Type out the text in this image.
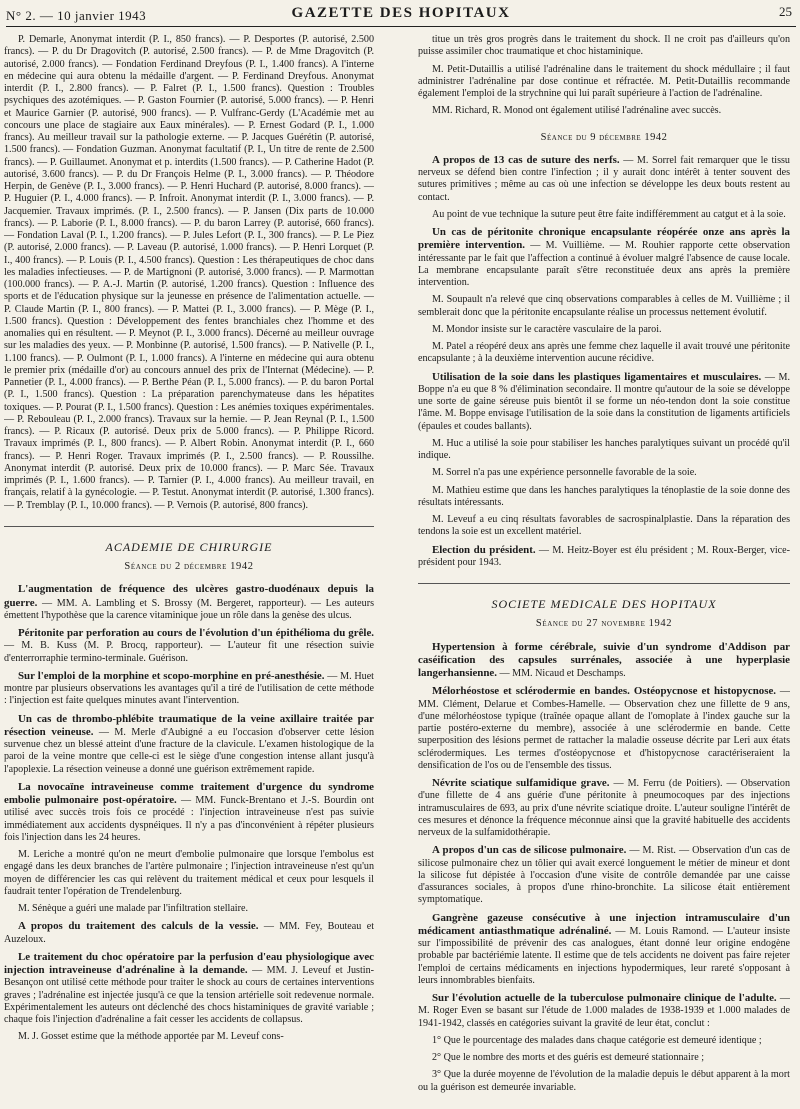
N° 2. — 10 janvier 1943	GAZETTE DES HOPITAUX	25

P. Demarle, Anonymat interdit (P. I., 850 francs). — P. Desportes (P. autorisé, 2.500 francs). — P. du Dr Dragovitch (P. autorisé, 2.500 francs). — P. de Mme Dragovitch (P. autorisé, 2.000 francs). — Fondation Ferdinand Dreyfous (P. I., 1.400 francs). A l'interne en médecine qui aura obtenu la médaille d'argent. — P. Ferdinand Dreyfous. Anonymat interdit (P. I., 2.800 francs). — P. Falret (P. I., 1.500 francs). Question : Troubles psychiques des azotémiques. — P. Gaston Fournier (P. autorisé, 5.000 francs). — P. Henri et Maurice Garnier (P. autorisé, 900 francs). — P. Vulfranc-Gerdy (L'Académie met au concours une place de stagiaire aux Eaux minérales). — P. Ernest Godard (P. I., 1.000 francs). Au meilleur travail sur la pathologie externe. — P. Jacques Guérétin (P. autorisé, 1.500 francs). — Fondation Guzman. Anonymat facultatif (P. I., Un titre de rente de 2.500 francs). — P. Guillaumet. Anonymat et p. interdits (1.500 francs). — P. Catherine Hadot (P. autorisé, 3.600 francs). — P. du Dr François Helme (P. I., 3.000 francs). — P. Théodore Herpin, de Genève (P. I., 3.000 francs). — P. Henri Huchard (P. autorisé, 8.000 francs). — P. Huguier (P. I., 4.000 francs). — P. Infroit. Anonymat interdit (P. I., 3.000 francs). — P. Jacquemier. Travaux imprimés. (P. I., 2.500 francs). — P. Jansen (Dix parts de 10.000 francs). — P. Laborie (P. I., 8.000 francs). — P. du baron Larrey (P. autorisé, 660 francs). — Fondation Laval (P. I., 1.200 francs). — P. Jules Lefort (P. I., 300 francs). — P. Le Piez (P. autorisé, 2.000 francs). — P. Laveau (P. autorisé, 1.000 francs). — P. Henri Lorquet (P. I., 400 francs). — P. Louis (P. I., 4.500 francs). Question : Les thérapeutiques de choc dans les maladies infectieuses. — P. de Martignoni (P. autorisé, 3.000 francs). — P. Marmottan (100.000 francs). — P. A.-J. Martin (P. autorisé, 1.200 francs). Question : Influence des sports et de l'éducation physique sur la jeunesse en présence de l'alimentation actuelle. — P. Claude Martin (P. I., 800 francs). — P. Mattei (P. I., 3.000 francs). — P. Mège (P. I., 1.500 francs). Question : Développement des fentes branchiales chez l'homme et des anomalies qui en résultent. — P. Meynot (P. I., 3.000 francs). Décerné au meilleur ouvrage sur les maladies des yeux. — P. Monbinne (P. autorisé, 1.500 francs). — P. Nativelle (P. I., 1.100 francs). — P. Oulmont (P. I., 1.000 francs). A l'interne en médecine qui aura obtenu le premier prix (médaille d'or) au concours annuel des prix de l'Internat (Médecine). — P. Pannetier (P. I., 4.000 francs). — P. Berthe Péan (P. I., 5.000 francs). — P. du baron Portal (P. I., 1.500 francs). Question : La préparation parenchymateuse dans les hépatites toxiques. — P. Pourat (P. I., 1.500 francs). Question : Les anémies toxiques expérimentales. — P. Rebouleau (P. I., 2.000 francs). Travaux sur la hernie. — P. Jean Reynal (P. I., 1.500 francs). — P. Ricaux (P. autorisé. Deux prix de 5.000 francs). — P. Philippe Ricord. Travaux imprimés (P. I., 800 francs). — P. Albert Robin. Anonymat interdit (P. I., 660 francs). — P. Henri Roger. Travaux imprimés (P. I., 2.500 francs). — P. Roussilhe. Anonymat interdit (P. autorisé. Deux prix de 10.000 francs). — P. Marc Sée. Travaux imprimés (P. I., 1.600 francs). — P. Tarnier (P. I., 4.000 francs). Au meilleur travail, en français, relatif à la gynécologie. — P. Testut. Anonymat interdit (P. autorisé, 1.300 francs). — P. Tremblay (P. I., 10.000 francs). — P. Vernois (P. autorisé, 800 francs).

ACADEMIE DE CHIRURGIE
Séance du 2 décembre 1942

L'augmentation de fréquence des ulcères gastro-duodénaux depuis la guerre. — MM. A. Lambling et S. Brossy (M. Bergeret, rapporteur). — Les auteurs émettent l'hypothèse que la carence vitaminique joue un rôle dans la genèse des ulcus.

Péritonite par perforation au cours de l'évolution d'un épithélioma du grêle. — M. B. Kuss (M. P. Brocq, rapporteur). — L'auteur fit une résection suivie d'enterrorraphie termino-terminale. Guérison.

Sur l'emploi de la morphine et scopo-morphine en pré-anesthésie. — M. Huet montre par plusieurs observations les avantages qu'il a tiré de l'utilisation de cette méthode : l'injection est faite quelques minutes avant l'intervention.

Un cas de thrombo-phlébite traumatique de la veine axillaire traitée par résection veineuse. — M. Merle d'Aubigné a eu l'occasion d'observer cette lésion survenue chez un blessé atteint d'une fracture de la clavicule. L'examen histologique de la paroi de la veine montre que celle-ci est le siège d'une congestion intense allant jusqu'à l'apoplexie. La résection veineuse a donné une guérison extrêmement rapide.

La novocaïne intraveineuse comme traitement d'urgence du syndrome embolie pulmonaire post-opératoire. — MM. Funck-Brentano et J.-S. Bourdin ont utilisé avec succès trois fois ce procédé : l'injection intraveineuse n'est pas suivie immédiatement aux accidents dyspnéiques. Il n'y a pas d'inconvénient à répéter plusieurs fois l'injection dans les 24 heures.

M. Leriche a montré qu'on ne meurt d'embolie pulmonaire que lorsque l'embolus est engagé dans les deux branches de l'artère pulmonaire ; l'injection intraveineuse n'est qu'un moyen de différencier les cas qui relèvent du traitement médical et ceux pour lesquels il faudrait tenter l'opération de Trendelenburg.

M. Sénèque a guéri une malade par l'infiltration stellaire.

A propos du traitement des calculs de la vessie. — MM. Fey, Bouteau et Auzeloux.

Le traitement du choc opératoire par la perfusion d'eau physiologique avec injection intraveineuse d'adrénaline à la demande. — MM. J. Leveuf et Justin-Besançon ont utilisé cette méthode pour traiter le shock au cours de certaines interventions graves ; l'adrénaline est injectée jusqu'à ce que la tension artérielle soit redevenue normale. Expérimentalement les auteurs ont déclenché des chocs histaminiques de gravité variable ; chaque fois l'injection d'adrénaline a fait cesser les accidents de collapsus.

M. J. Gosset estime que la méthode apportée par M. Leveuf cons-

titue un très gros progrès dans le traitement du shock. Il ne croit pas d'ailleurs qu'on puisse assimiler choc traumatique et choc histaminique.

M. Petit-Dutaillis a utilisé l'adrénaline dans le traitement du shock médullaire ; il faut administrer l'adrénaline par dose continue et réfractée. M. Petit-Dutaillis recommande également l'emploi de la strychnine qui lui paraît supérieure à l'action de l'adrénaline.

MM. Richard, R. Monod ont également utilisé l'adrénaline avec succès.

Séance du 9 décembre 1942

A propos de 13 cas de suture des nerfs. — M. Sorrel fait remarquer que le tissu nerveux se défend bien contre l'infection ; il y aurait donc intérêt à tenter souvent des sutures primitives ; même au cas où une infection se développe les deux bouts restent au contact.

Au point de vue technique la suture peut être faite indifféremment au catgut et à la soie.

Un cas de péritonite chronique encapsulante réopérée onze ans après la première intervention. — M. Vuillième. — M. Rouhier rapporte cette observation intéressante par le fait que l'affection a continué à évoluer malgré l'absence de cause locale. La membrane encapsulante paraît s'être reconstituée deux ans après la première intervention.

M. Soupault n'a relevé que cinq observations comparables à celles de M. Vuillième ; il semblerait donc que la péritonite encapsulante réalise un processus nettement évolutif.

M. Mondor insiste sur le caractère vasculaire de la paroi.

M. Patel a réopéré deux ans après une femme chez laquelle il avait trouvé une péritonite encapsulante ; à la deuxième intervention aucune récidive.

Utilisation de la soie dans les plastiques ligamentaires et musculaires. — M. Boppe n'a eu que 8 % d'élimination secondaire. Il montre qu'autour de la soie se développe une sorte de gaine séreuse puis bientôt il se forme un néo-tendon dont la soie constitue l'âme. M. Boppe envisage l'utilisation de la soie dans la constitution de ligaments artificiels (épaules et coudes ballants).

M. Huc a utilisé la soie pour stabiliser les hanches paralytiques suivant un procédé qu'il indique.

M. Sorrel n'a pas une expérience personnelle favorable de la soie.

M. Mathieu estime que dans les hanches paralytiques la ténoplastie de la soie donne des résultats intéressants.

M. Leveuf a eu cinq résultats favorables de sacrospinalplastie. Dans la réparation des tendons la soie est un excellent matériel.

Election du président. — M. Heitz-Boyer est élu président ; M. Roux-Berger, vice-président pour 1943.

SOCIETE MEDICALE DES HOPITAUX
Séance du 27 novembre 1942

Hypertension à forme cérébrale, suivie d'un syndrome d'Addison par caséification des capsules surrénales, associée à une hyperplasie langerhansienne. — MM. Nicaud et Deschamps.

Mélorhéostose et sclérodermie en bandes. Ostéopycnose et histopycnose. — MM. Clément, Delarue et Combes-Hamelle. — Observation chez une fillette de 9 ans, d'une mélorhéostose typique (traînée opaque allant de l'omoplate à l'index gauche sur la partie postéro-externe du membre), associée à une sclérodermie en bande. Cette superposition des lésions permet de rattacher la maladie osseuse décrite par Leri aux états sclérodermiques. Les termes d'ostéopycnose et d'histopycnose caractériseraient la densification de l'os ou de l'ensemble des tissus.

Névrite sciatique sulfamidique grave. — M. Ferru (de Poitiers). — Observation d'une fillette de 4 ans guérie d'une péritonite à pneumocoques par des injections intramusculaires de 693, au prix d'une névrite sciatique droite. L'auteur souligne l'intérêt de ces mesures et dénonce la fréquence méconnue ainsi que la gravité habituelle des accidents nerveux de la sulfamidothérapie.

A propos d'un cas de silicose pulmonaire. — M. Rist. — Observation d'un cas de silicose pulmonaire chez un tôlier qui avait exercé longuement le métier de mineur et dont la silicose fut dépistée à l'occasion d'une visite de contrôle demandée par une caisse d'assurances sociales, à propos d'une rhino-bronchite. La silicose était entièrement symptomatique.

Gangrène gazeuse consécutive à une injection intramusculaire d'un médicament antiasthmatique adrénaliné. — M. Louis Ramond. — L'auteur insiste sur l'impossibilité de prévenir des cas analogues, étant donné leur origine endogène probable par bactériémie latente. Il estime que de tels accidents ne doivent pas faire rejeter l'emploi de certains médicaments en injections hypodermiques, leur rareté s'opposant à leurs innombrables bienfaits.

Sur l'évolution actuelle de la tuberculose pulmonaire clinique de l'adulte. — M. Roger Even se basant sur l'étude de 1.000 malades de 1938-1939 et 1.000 malades de 1941-1942, classés en catégories suivant la gravité de leur état, conclut :

1° Que le pourcentage des malades dans chaque catégorie est demeuré identique ;

2° Que le nombre des morts et des guéris est demeuré stationnaire ;

3° Que la durée moyenne de l'évolution de la maladie depuis le début apparent à la mort ou la guérison est demeurée invariable.
